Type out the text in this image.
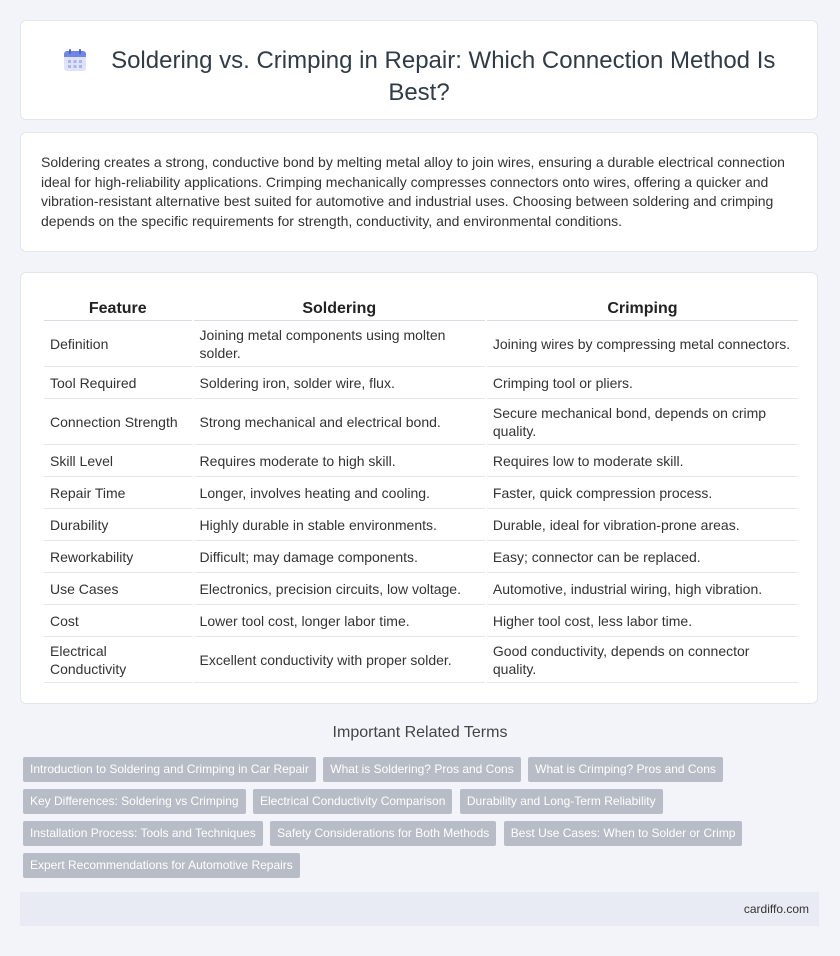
Soldering vs. Crimping in Repair: Which Connection Method Is Best?

Soldering creates a strong, conductive bond by melting metal alloy to join wires, ensuring a durable electrical connection ideal for high-reliability applications. Crimping mechanically compresses connectors onto wires, offering a quicker and vibration-resistant alternative best suited for automotive and industrial uses. Choosing between soldering and crimping depends on the specific requirements for strength, conductivity, and environmental conditions.

Feature	Soldering	Crimping
Definition	Joining metal components using molten solder.	Joining wires by compressing metal connectors.
Tool Required	Soldering iron, solder wire, flux.	Crimping tool or pliers.
Connection Strength	Strong mechanical and electrical bond.	Secure mechanical bond, depends on crimp quality.
Skill Level	Requires moderate to high skill.	Requires low to moderate skill.
Repair Time	Longer, involves heating and cooling.	Faster, quick compression process.
Durability	Highly durable in stable environments.	Durable, ideal for vibration-prone areas.
Reworkability	Difficult; may damage components.	Easy; connector can be replaced.
Use Cases	Electronics, precision circuits, low voltage.	Automotive, industrial wiring, high vibration.
Cost	Lower tool cost, longer labor time.	Higher tool cost, less labor time.
Electrical Conductivity	Excellent conductivity with proper solder.	Good conductivity, depends on connector quality.
Important Related Terms
Introduction to Soldering and Crimping in Car Repair What is Soldering? Pros and Cons What is Crimping? Pros and Cons Key Differences: Soldering vs Crimping Electrical Conductivity Comparison Durability and Long-Term Reliability Installation Process: Tools and Techniques Safety Considerations for Both Methods Best Use Cases: When to Solder or Crimp Expert Recommendations for Automotive Repairs
cardiffo.com
